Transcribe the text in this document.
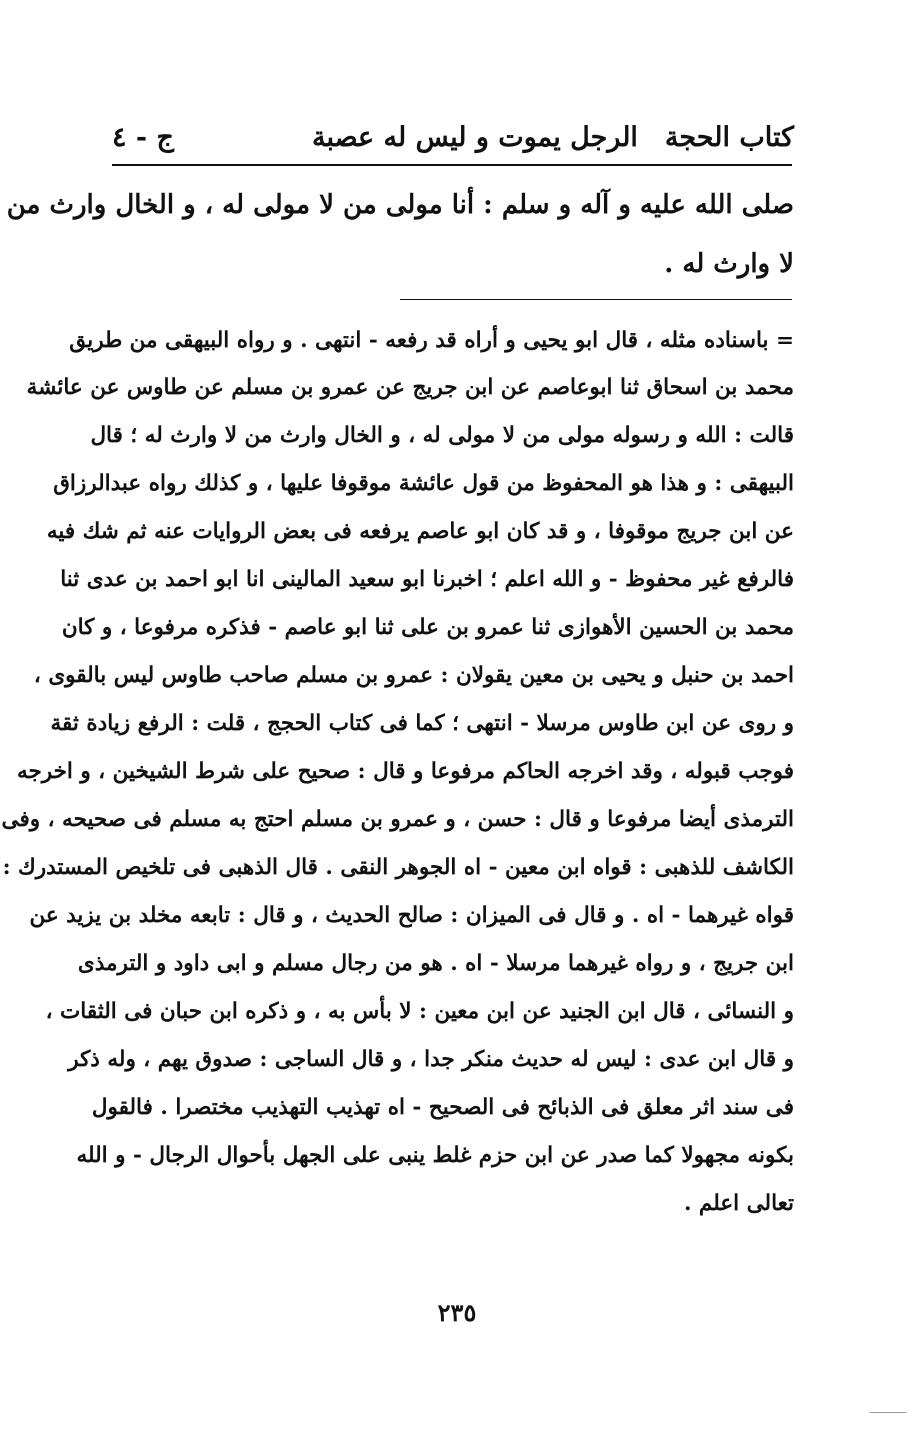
كتاب الحجة
الرجل يموت و ليس له عصبة
ج - ٤
صلى الله عليه و آله و سلم : أنا مولى من لا مولى له ، و الخال وارث من
لا وارث له .
= باسناده مثله ، قال ابو يحيى و أراه قد رفعه - انتهى . و رواه البيهقى من طريق
محمد بن اسحاق ثنا ابوعاصم عن ابن جريج عن عمرو بن مسلم عن طاوس عن عائشة
قالت : الله و رسوله مولى من لا مولى له ، و الخال وارث من لا وارث له ؛ قال
البيهقى : و هذا هو المحفوظ من قول عائشة موقوفا عليها ، و كذلك رواه عبدالرزاق
عن ابن جريج موقوفا ، و قد كان ابو عاصم يرفعه فى بعض الروايات عنه ثم شك فيه
فالرفع غير محفوظ - و الله اعلم ؛ اخبرنا ابو سعيد المالينى انا ابو احمد بن عدى ثنا
محمد بن الحسين الأهوازى ثنا عمرو بن على ثنا ابو عاصم - فذكره مرفوعا ، و كان
احمد بن حنبل و يحيى بن معين يقولان : عمرو بن مسلم صاحب طاوس ليس بالقوى ،
و روى عن ابن طاوس مرسلا - انتهى ؛ كما فى كتاب الحجج ، قلت : الرفع زيادة ثقة
فوجب قبوله ، وقد اخرجه الحاكم مرفوعا و قال : صحيح على شرط الشيخين ، و اخرجه
الترمذى أيضا مرفوعا و قال : حسن ، و عمرو بن مسلم احتج به مسلم فى صحيحه ، وفى
الكاشف للذهبى : قواه ابن معين - اه الجوهر النقى . قال الذهبى فى تلخيص المستدرك :
قواه غيرهما - اه . و قال فى الميزان : صالح الحديث ، و قال : تابعه مخلد بن يزيد عن
ابن جريج ، و رواه غيرهما مرسلا - اه . هو من رجال مسلم و ابى داود و الترمذى
و النسائى ، قال ابن الجنيد عن ابن معين : لا بأس به ، و ذكره ابن حبان فى الثقات ،
و قال ابن عدى : ليس له حديث منكر جدا ، و قال الساجى : صدوق يهم ، وله ذكر
فى سند اثر معلق فى الذبائح فى الصحيح - اه تهذيب التهذيب مختصرا . فالقول
بكونه مجهولا كما صدر عن ابن حزم غلط ينبى على الجهل بأحوال الرجال - و الله
تعالى اعلم .
٢٣٥
